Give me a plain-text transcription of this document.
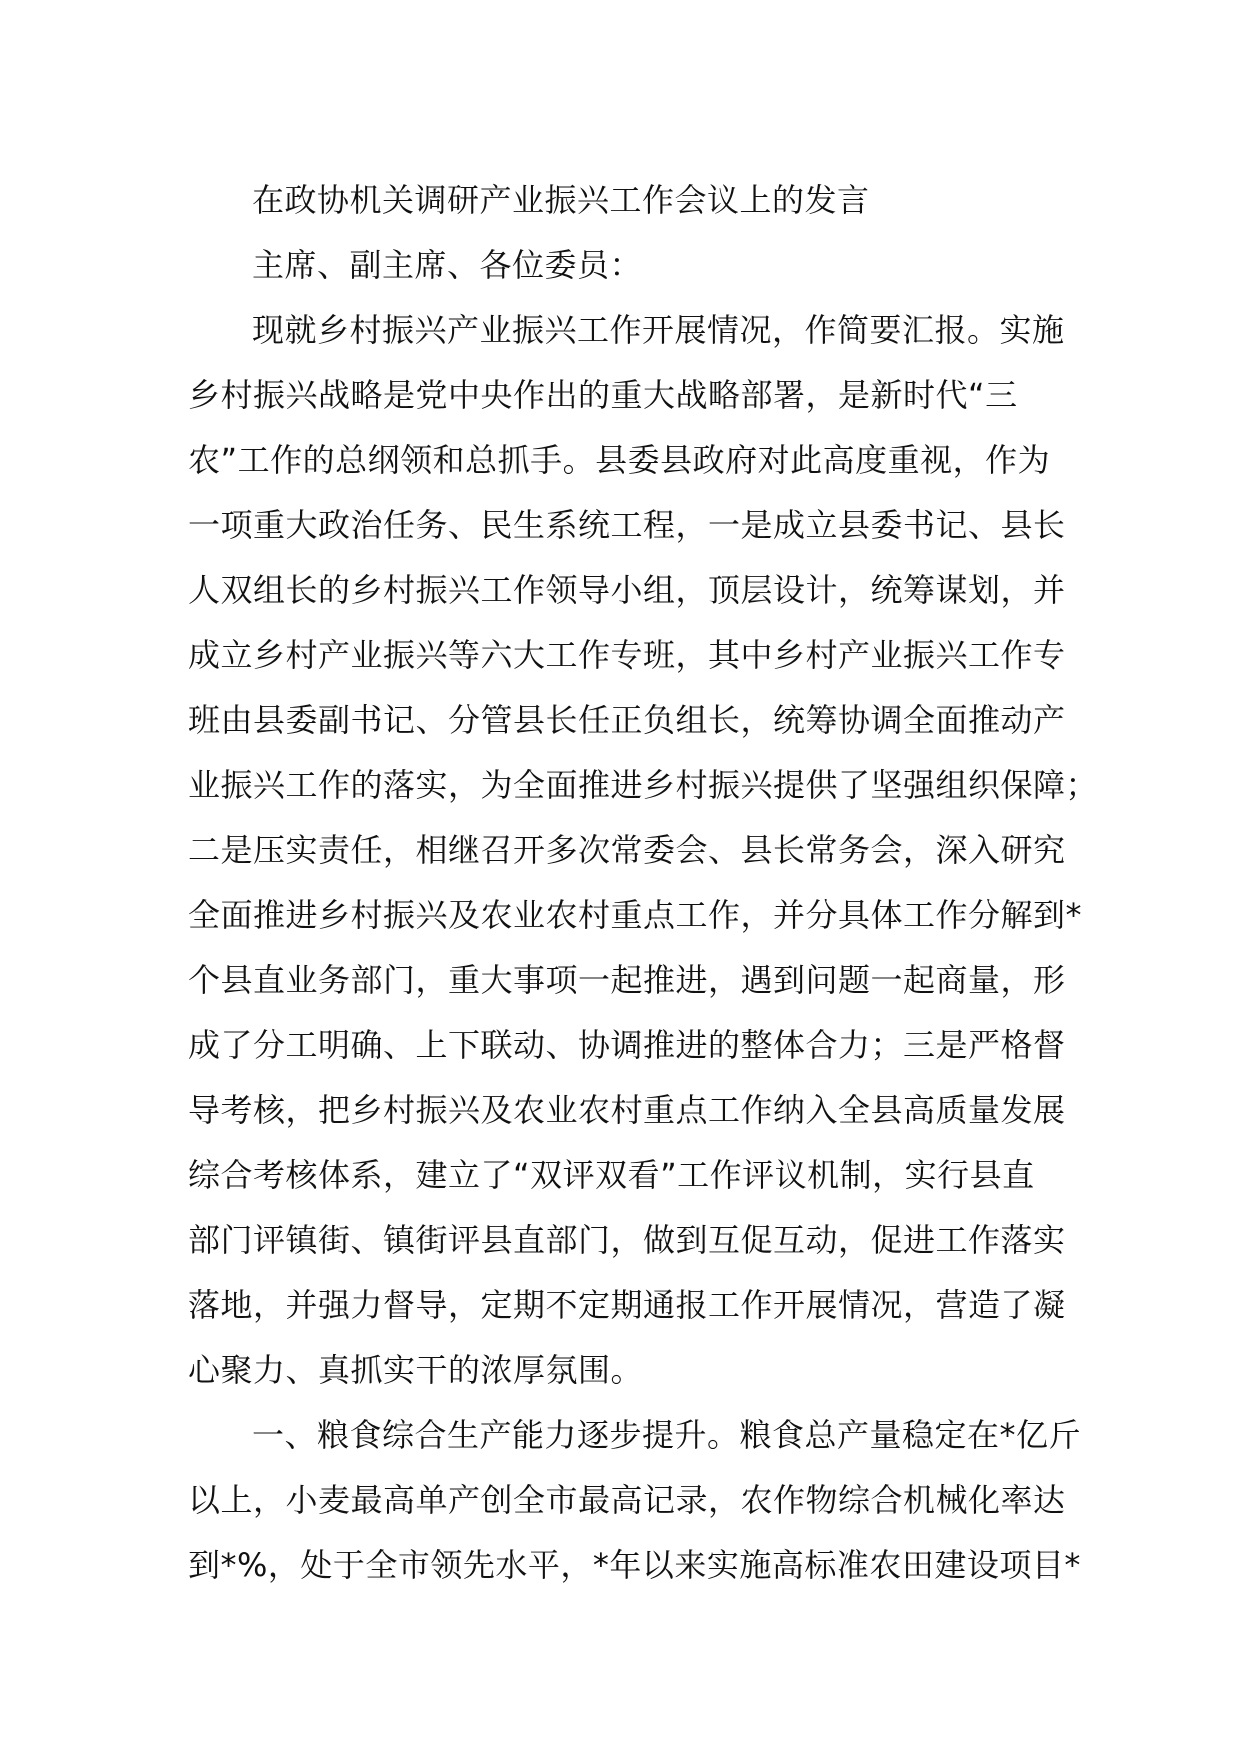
在政协机关调研产业振兴工作会议上的发言

主席、副主席、各位委员：

现就乡村振兴产业振兴工作开展情况，作简要汇报。实施
乡村振兴战略是党中央作出的重大战略部署，是新时代“三
农”工作的总纲领和总抓手。县委县政府对此高度重视，作为
一项重大政治任务、民生系统工程，一是成立县委书记、县长
人双组长的乡村振兴工作领导小组，顶层设计，统筹谋划，并
成立乡村产业振兴等六大工作专班，其中乡村产业振兴工作专
班由县委副书记、分管县长任正负组长，统筹协调全面推动产
业振兴工作的落实，为全面推进乡村振兴提供了坚强组织保障；
二是压实责任，相继召开多次常委会、县长常务会，深入研究
全面推进乡村振兴及农业农村重点工作，并分具体工作分解到*
个县直业务部门，重大事项一起推进，遇到问题一起商量，形
成了分工明确、上下联动、协调推进的整体合力；三是严格督
导考核，把乡村振兴及农业农村重点工作纳入全县高质量发展
综合考核体系，建立了“双评双看”工作评议机制，实行县直
部门评镇街、镇街评县直部门，做到互促互动，促进工作落实
落地，并强力督导，定期不定期通报工作开展情况，营造了凝
心聚力、真抓实干的浓厚氛围。
一、粮食综合生产能力逐步提升。粮食总产量稳定在*亿斤
以上，小麦最高单产创全市最高记录，农作物综合机械化率达
到*%，处于全市领先水平，*年以来实施高标准农田建设项目*
